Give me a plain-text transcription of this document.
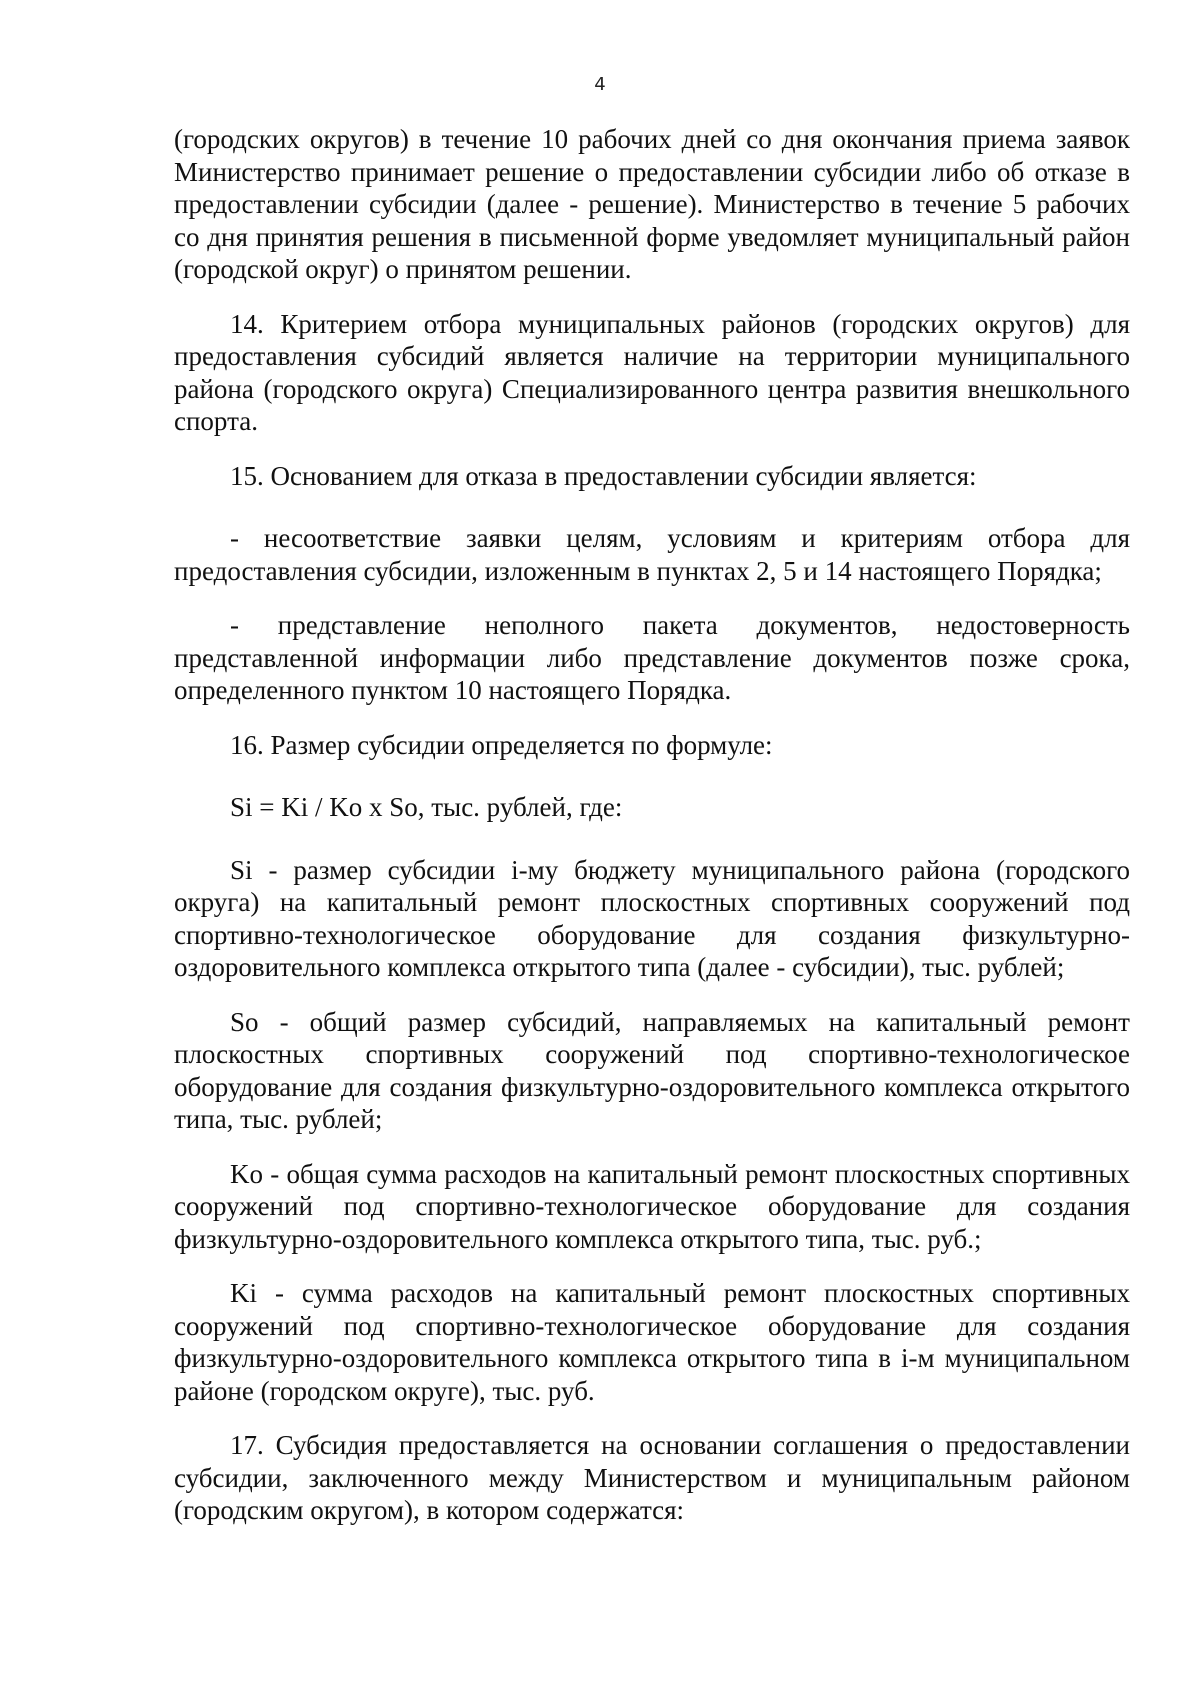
4

(городских округов) в течение 10 рабочих дней со дня окончания приема заявок Министерство принимает решение о предоставлении субсидии либо об отказе в предоставлении субсидии (далее - решение). Министерство в течение 5 рабочих со дня принятия решения в письменной форме уведомляет муниципальный район (городской округ) о принятом решении.

14. Критерием отбора муниципальных районов (городских округов) для предоставления субсидий является наличие на территории муниципального района (городского округа) Специализированного центра развития внешкольного спорта.

15. Основанием для отказа в предоставлении субсидии является:

- несоответствие заявки целям, условиям и критериям отбора для предоставления субсидии, изложенным в пунктах 2, 5 и 14 настоящего Порядка;

- представление неполного пакета документов, недостоверность представленной информации либо представление документов позже срока, определенного пунктом 10 настоящего Порядка.

16. Размер субсидии определяется по формуле:

Si = Ki / Ko x So, тыс. рублей, где:

Si - размер субсидии i-му бюджету муниципального района (городского округа) на капитальный ремонт плоскостных спортивных сооружений под спортивно-технологическое оборудование для создания физкультурно-оздоровительного комплекса открытого типа (далее - субсидии), тыс. рублей;

So - общий размер субсидий, направляемых на капитальный ремонт плоскостных спортивных сооружений под спортивно-технологическое оборудование для создания физкультурно-оздоровительного комплекса открытого типа, тыс. рублей;

Ko - общая сумма расходов на капитальный ремонт плоскостных спортивных сооружений под спортивно-технологическое оборудование для создания физкультурно-оздоровительного комплекса открытого типа, тыс. руб.;

Ki - сумма расходов на капитальный ремонт плоскостных спортивных сооружений под спортивно-технологическое оборудование для создания физкультурно-оздоровительного комплекса открытого типа в i-м муниципальном районе (городском округе), тыс. руб.

17. Субсидия предоставляется на основании соглашения о предоставлении субсидии, заключенного между Министерством и муниципальным районом (городским округом), в котором содержатся:
